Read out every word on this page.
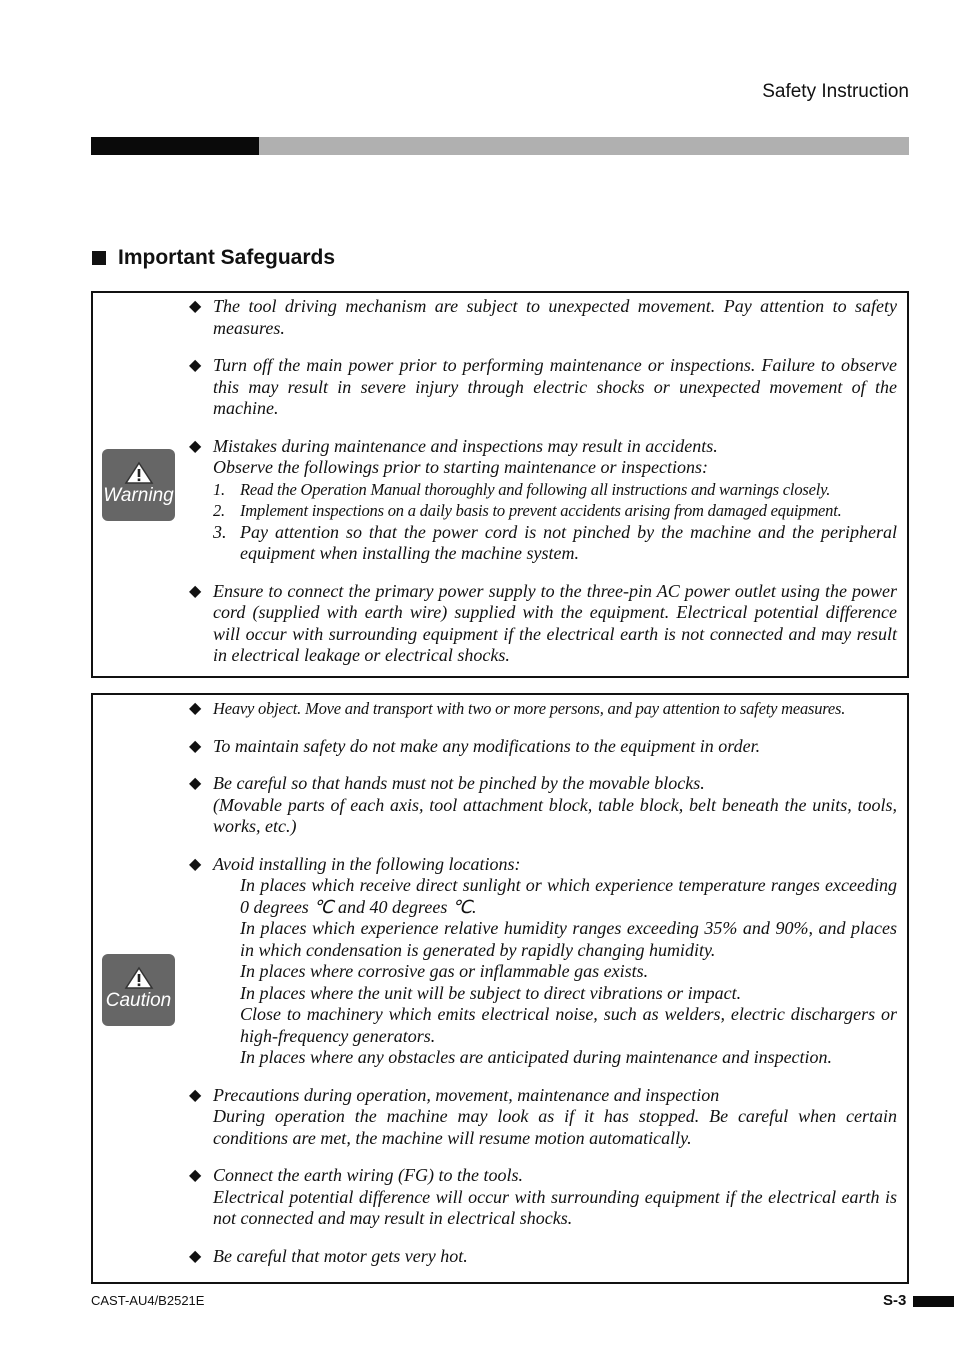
Safety Instruction
Important Safeguards
Warning
◆ The tool driving mechanism are subject to unexpected movement. Pay attention to safety measures.

◆ Turn off the main power prior to performing maintenance or inspections. Failure to observe this may result in severe injury through electric shocks or unexpected movement of the machine.

◆ Mistakes during maintenance and inspections may result in accidents.

Observe the followings prior to starting maintenance or inspections:

1. Read the Operation Manual thoroughly and following all instructions and warnings closely.
2. Implement inspections on a daily basis to prevent accidents arising from damaged equipment.
3. Pay attention so that the power cord is not pinched by the machine and the peripheral equipment when installing the machine system.
◆ Ensure to connect the primary power supply to the three-pin AC power outlet using the power cord (supplied with earth wire) supplied with the equipment. Electrical potential difference will occur with surrounding equipment if the electrical earth is not connected and may result in electrical leakage or electrical shocks.

Caution
◆ Heavy object. Move and transport with two or more persons, and pay attention to safety measures.

◆ To maintain safety do not make any modifications to the equipment in order.

◆ Be careful so that hands must not be pinched by the movable blocks.

(Movable parts of each axis, tool attachment block, table block, belt beneath the units, tools, works, etc.)

◆ Avoid installing in the following locations:

In places which receive direct sunlight or which experience temperature ranges exceeding 0 degrees ℃ and 40 degrees ℃.

In places which experience relative humidity ranges exceeding 35% and 90%, and places in which condensation is generated by rapidly changing humidity.

In places where corrosive gas or inflammable gas exists.

In places where the unit will be subject to direct vibrations or impact.

Close to machinery which emits electrical noise, such as welders, electric dischargers or high-frequency generators.

In places where any obstacles are anticipated during maintenance and inspection.

◆ Precautions during operation, movement, maintenance and inspection

During operation the machine may look as if it has stopped. Be careful when certain conditions are met, the machine will resume motion automatically.

◆ Connect the earth wiring (FG) to the tools.

Electrical potential difference will occur with surrounding equipment if the electrical earth is not connected and may result in electrical shocks.

◆ Be careful that motor gets very hot.

CAST-AU4/B2521E	S-3
